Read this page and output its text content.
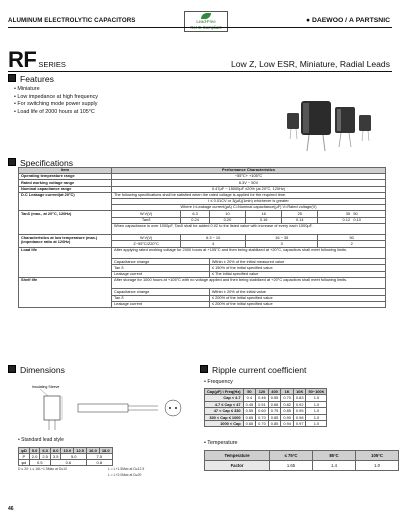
ALUMINUM ELECTROLYTIC CAPACITORS	Lead-Free
RoHS Compliant
● DAEWOO / А PARTSNIC
RF SERIES	Low Z, Low ESR, Miniature, Radial Leads
Features
• Miniature
• Low impedance at high frequency
• For switching mode power supply
• Load life of 2000 hours at 105°C
Specifications
Item	Performance Characteristics					
Operating temperature range	−55°C+ +105°C					
Rated working voltage range	6.3V ~ 50V					
Nominal capacitance range	0.47µF ~ 15000µF ±20% (at 20°C, 120Hz)					
D.C Leakage current(at 20°C)	The following specifications shall be satisfied when the rated voltage is applied for the required time.					
	I ≤ 0.01CV or 3(µA)(1min) whichever is greater					
	Where I=Leakage current(µA) C=Nominal capacitance(µF) V=Rated voltage(V)					
Tanδ (max., at 20°C, 120Hz)	W.V(V)	6.3	10	16	25	35 50
	Tanδ	0.24	0.20	0.16	0.14	0.12 0.10
	When capacitance is over 1000µF, Tanδ shall be added 0.02 to the listed value with increase of every each 1000µF.					
Characteristics at low temperature (max.) (impedance ratio at 120Hz)	W.V(V)	6.3 ~ 10		16 ~ 35		50
	Z−55°C/Z20°C	4		3		2
Load life	After applying rated working voltage for 2000 hours at +105°C and then being stabilized at +20°C, capacitors shall meet following limits.					
	Capacitance change		Within ± 20% of the initial measured value			
	Tan δ		≤ 150% of the initial specified value			
	Leakage current		≤ The initial specified value			
Shelf life	After storage for 1000 hours at +105°C with no voltage applied and then being stabilized at +20°C capacitors shall meet following limits.					
	Capacitance change		Within ± 20% of the initial value			
	Tan δ		≤ 200% of the initial specified value			
	Leakage current		≤ 200% of the initial specified value			
Dimensions
Insulating Sleeve
• Standard lead style
φD	5.0	6.3	8.0	10.0	12.5	16.0	18.0
P	2.0	2.5	3.5	5.0		7.5	
φd	0.5		0.6			0.8	
D ≤ 20: L ≤ 16L+1.5Max at D≤10	L = L+1.5Max at D≥12.5
L = L+2.0Max at D≥20
Ripple current coefficient
• Frequency
Cap(µF) \ Freq(Hz)	50	120	400	1K	10K	50~100K
Cap < 4.7	0.4	0.46	0.55	0.70	0.83	1.0
4.7 ≤ Cap < 47	0.45	0.51	0.68	0.82	0.92	1.0
47 < Cap ≤ 330	0.55	0.60	0.75	0.85	0.95	1.0
330 < Cap ≤ 1000	0.65	0.70	0.85	0.90	0.98	1.0
1000 < Cap	0.65	0.70	0.85	0.94	0.97	1.0
• Temperature
Temperature	≤ 75°C	85°C	105°C
Factor	1.65	1.4	1.0
46
